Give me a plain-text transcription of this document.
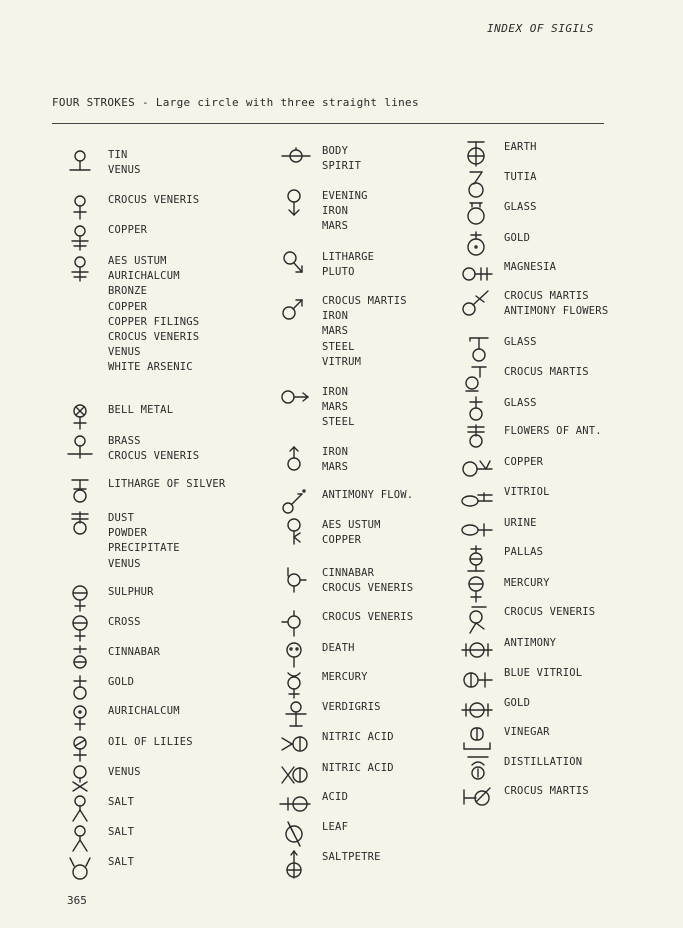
INDEX OF SIGILS
FOUR STROKES - Large circle with three straight lines
TIN
VENUS
CROCUS VENERIS
COPPER
AES USTUM
AURICHALCUM
BRONZE
COPPER
COPPER FILINGS
CROCUS VENERIS
VENUS
WHITE ARSENIC
BELL METAL
BRASS
CROCUS VENERIS
LITHARGE OF SILVER
DUST
POWDER
PRECIPITATE
VENUS
SULPHUR
CROSS
CINNABAR
GOLD
AURICHALCUM
OIL OF LILIES
VENUS
SALT
SALT
SALT
BODY
SPIRIT
EVENING
IRON
MARS
LITHARGE
PLUTO
CROCUS MARTIS
IRON
MARS
STEEL
VITRUM
IRON
MARS
STEEL
IRON
MARS
ANTIMONY FLOW.
AES USTUM
COPPER
CINNABAR
CROCUS VENERIS
CROCUS VENERIS
DEATH
MERCURY
VERDIGRIS
NITRIC ACID
NITRIC ACID
ACID
LEAF
SALTPETRE
EARTH
TUTIA
GLASS
GOLD
MAGNESIA
CROCUS MARTIS
ANTIMONY FLOWERS
GLASS
CROCUS MARTIS
GLASS
FLOWERS OF ANT.
COPPER
VITRIOL
URINE
PALLAS
MERCURY
CROCUS VENERIS
ANTIMONY
BLUE VITRIOL
GOLD
VINEGAR
DISTILLATION
CROCUS MARTIS
365
